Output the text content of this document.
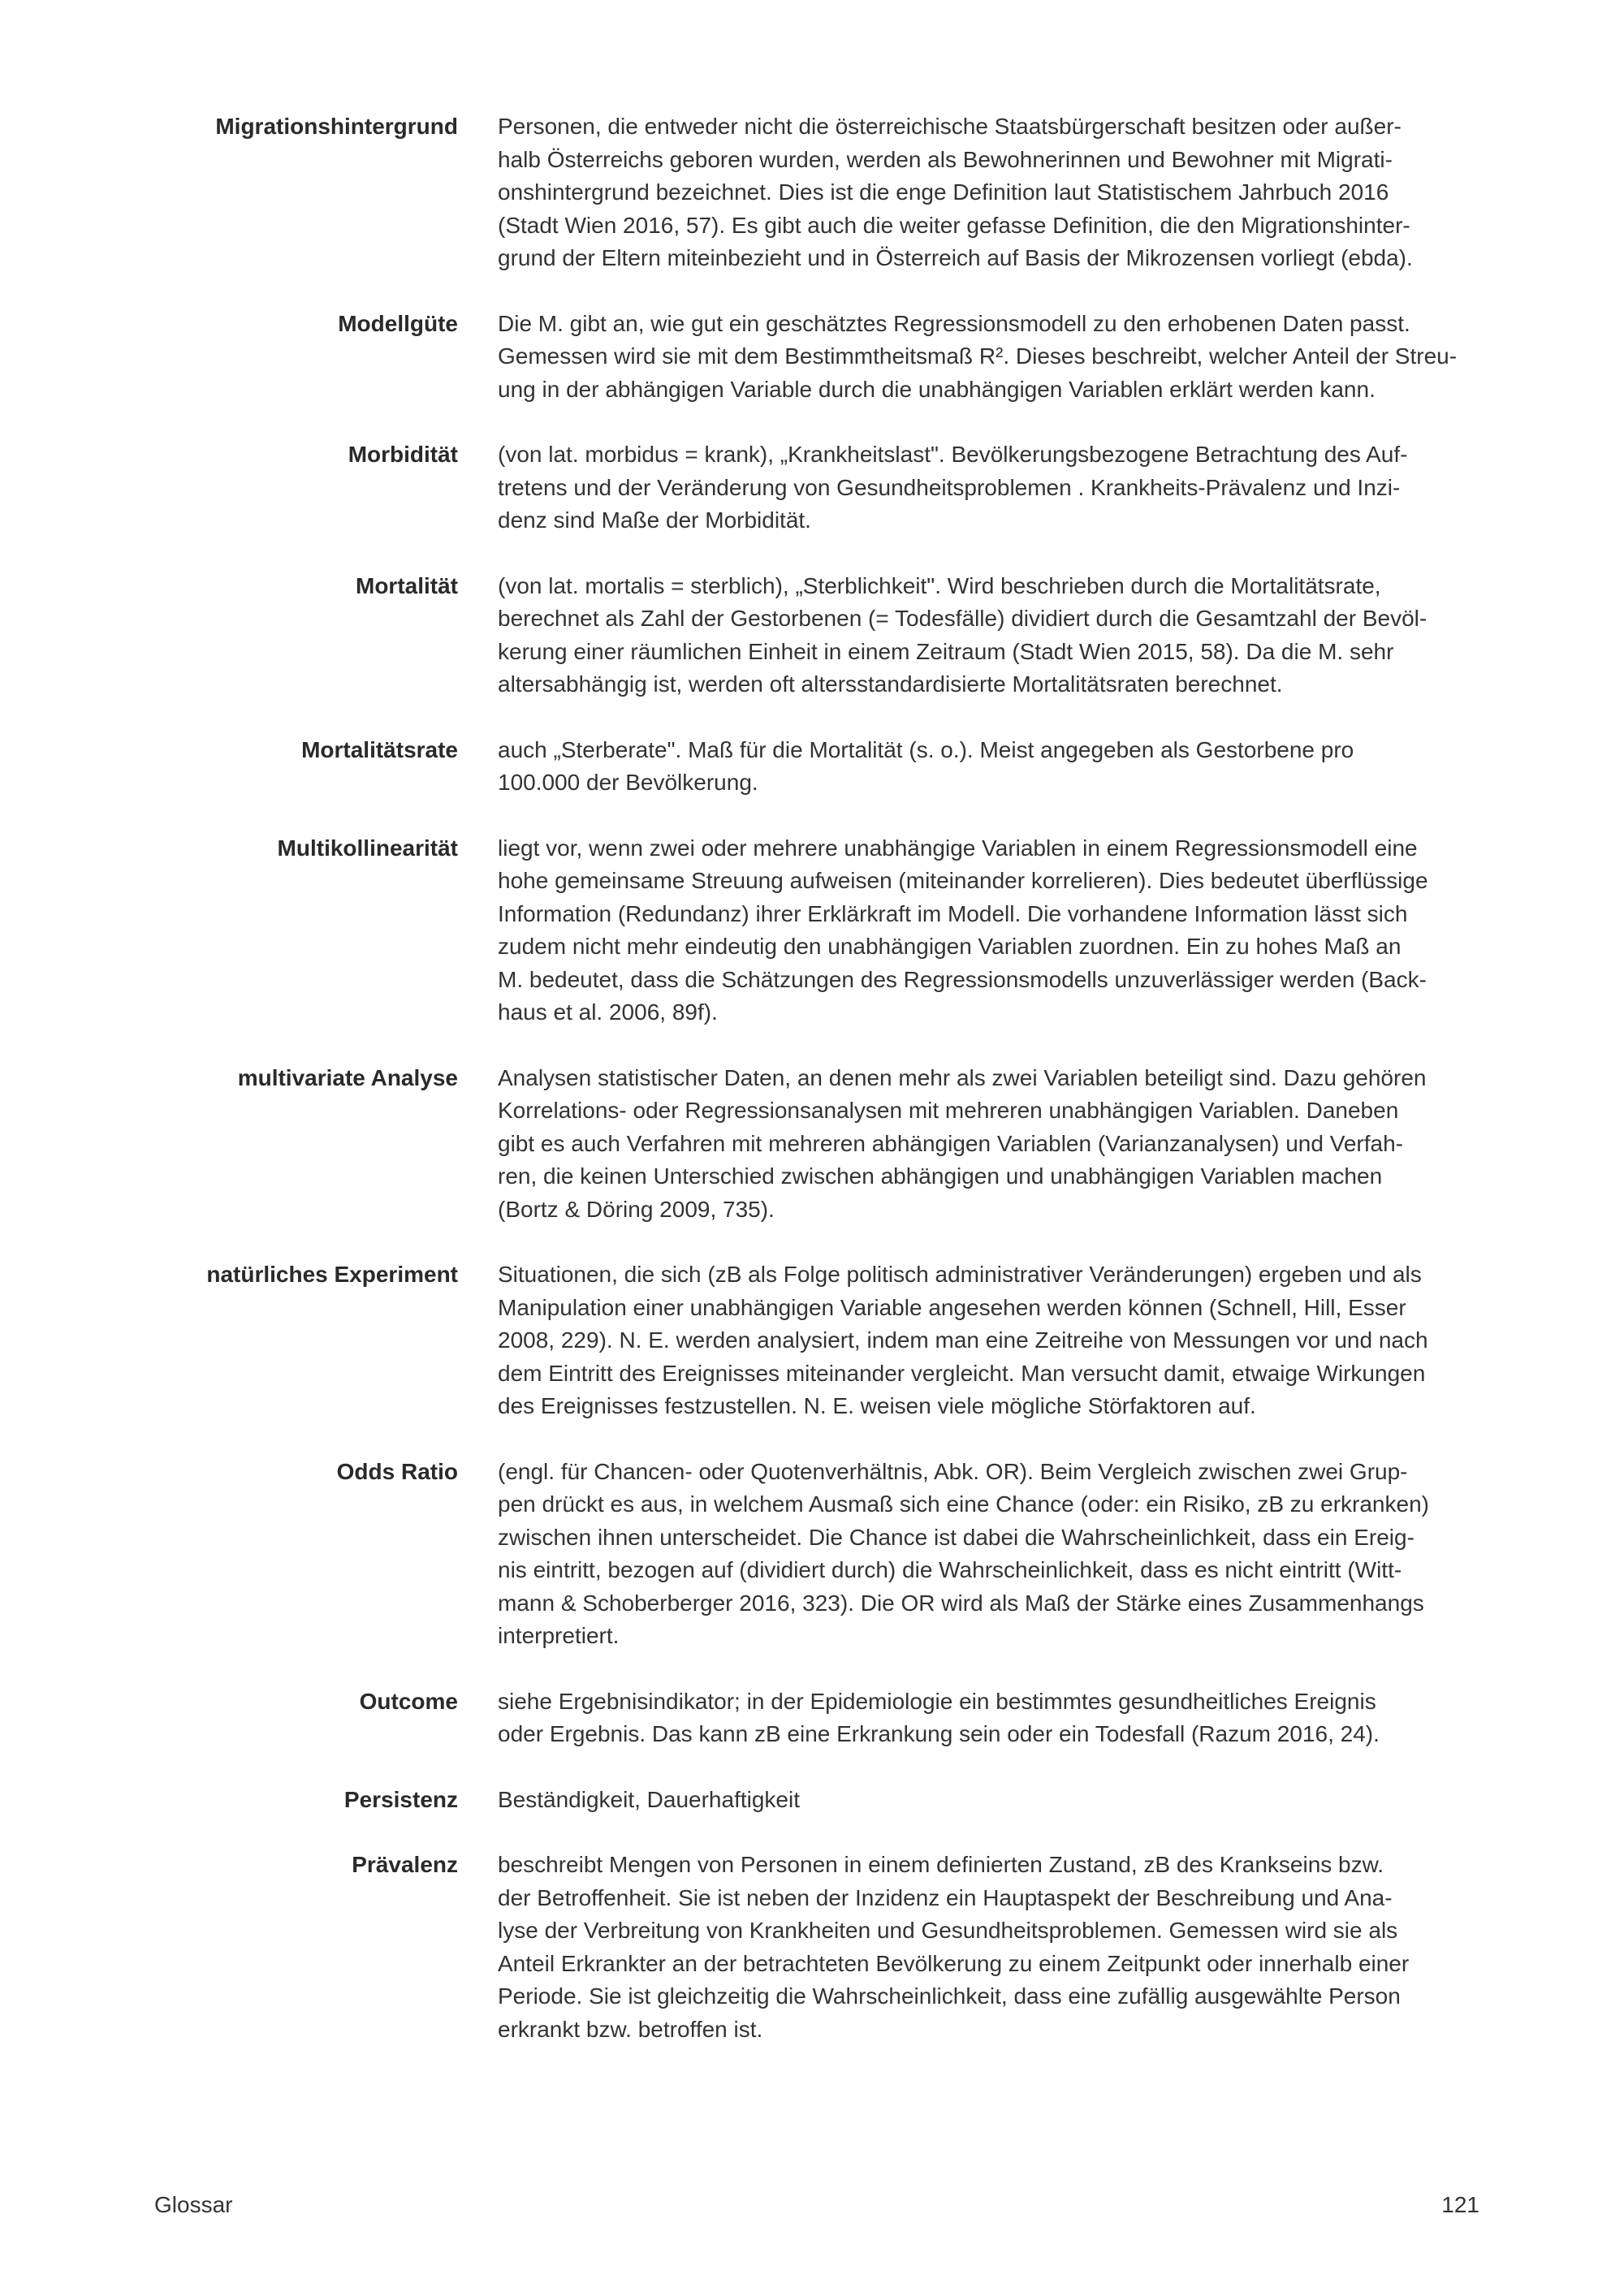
Migrationshintergrund Personen, die entweder nicht die österreichische Staatsbürgerschaft besitzen oder außer-
halb Österreichs geboren wurden, werden als Bewohnerinnen und Bewohner mit Migrati-
onshintergrund bezeichnet. Dies ist die enge Definition laut Statistischem Jahrbuch 2016
(Stadt Wien 2016, 57). Es gibt auch die weiter gefasse Definition, die den Migrationshinter-
grund der Eltern miteinbezieht und in Österreich auf Basis der Mikrozensen vorliegt (ebda).
Modellgüte Die M. gibt an, wie gut ein geschätztes Regressionsmodell zu den erhobenen Daten passt.
Gemessen wird sie mit dem Bestimmtheitsmaß R². Dieses beschreibt, welcher Anteil der Streu-
ung in der abhängigen Variable durch die unabhängigen Variablen erklärt werden kann.
Morbidität (von lat. morbidus = krank), „Krankheitslast". Bevölkerungsbezogene Betrachtung des Auf-
tretens und der Veränderung von Gesundheitsproblemen . Krankheits-Prävalenz und Inzi-
denz sind Maße der Morbidität.
Mortalität (von lat. mortalis = sterblich), „Sterblichkeit". Wird beschrieben durch die Mortalitätsrate,
berechnet als Zahl der Gestorbenen (= Todesfälle) dividiert durch die Gesamtzahl der Bevöl-
kerung einer räumlichen Einheit in einem Zeitraum (Stadt Wien 2015, 58). Da die M. sehr
altersabhängig ist, werden oft altersstandardisierte Mortalitätsraten berechnet.
Mortalitätsrate auch „Sterberate". Maß für die Mortalität (s. o.). Meist angegeben als Gestorbene pro
100.000 der Bevölkerung.
Multikollinearität liegt vor, wenn zwei oder mehrere unabhängige Variablen in einem Regressionsmodell eine
hohe gemeinsame Streuung aufweisen (miteinander korrelieren). Dies bedeutet überflüssige
Information (Redundanz) ihrer Erklärkraft im Modell. Die vorhandene Information lässt sich
zudem nicht mehr eindeutig den unabhängigen Variablen zuordnen. Ein zu hohes Maß an
M. bedeutet, dass die Schätzungen des Regressionsmodells unzuverlässiger werden (Back-
haus et al. 2006, 89f).
multivariate Analyse Analysen statistischer Daten, an denen mehr als zwei Variablen beteiligt sind. Dazu gehören
Korrelations- oder Regressionsanalysen mit mehreren unabhängigen Variablen. Daneben
gibt es auch Verfahren mit mehreren abhängigen Variablen (Varianzanalysen) und Verfah-
ren, die keinen Unterschied zwischen abhängigen und unabhängigen Variablen machen
(Bortz & Döring 2009, 735).
natürliches Experiment Situationen, die sich (zB als Folge politisch administrativer Veränderungen) ergeben und als
Manipulation einer unabhängigen Variable angesehen werden können (Schnell, Hill, Esser
2008, 229). N. E. werden analysiert, indem man eine Zeitreihe von Messungen vor und nach
dem Eintritt des Ereignisses miteinander vergleicht. Man versucht damit, etwaige Wirkungen
des Ereignisses festzustellen. N. E. weisen viele mögliche Störfaktoren auf.
Odds Ratio (engl. für Chancen- oder Quotenverhältnis, Abk. OR). Beim Vergleich zwischen zwei Grup-
pen drückt es aus, in welchem Ausmaß sich eine Chance (oder: ein Risiko, zB zu erkranken)
zwischen ihnen unterscheidet. Die Chance ist dabei die Wahrscheinlichkeit, dass ein Ereig-
nis eintritt, bezogen auf (dividiert durch) die Wahrscheinlichkeit, dass es nicht eintritt (Witt-
mann & Schoberberger 2016, 323). Die OR wird als Maß der Stärke eines Zusammenhangs
interpretiert.
Outcome siehe Ergebnisindikator; in der Epidemiologie ein bestimmtes gesundheitliches Ereignis
oder Ergebnis. Das kann zB eine Erkrankung sein oder ein Todesfall (Razum 2016, 24).
Persistenz Beständigkeit, Dauerhaftigkeit
Prävalenz beschreibt Mengen von Personen in einem definierten Zustand, zB des Krankseins bzw.
der Betroffenheit. Sie ist neben der Inzidenz ein Hauptaspekt der Beschreibung und Ana-
lyse der Verbreitung von Krankheiten und Gesundheitsproblemen. Gemessen wird sie als
Anteil Erkrankter an der betrachteten Bevölkerung zu einem Zeitpunkt oder innerhalb einer
Periode. Sie ist gleichzeitig die Wahrscheinlichkeit, dass eine zufällig ausgewählte Person
erkrankt bzw. betroffen ist.
Glossar	121
